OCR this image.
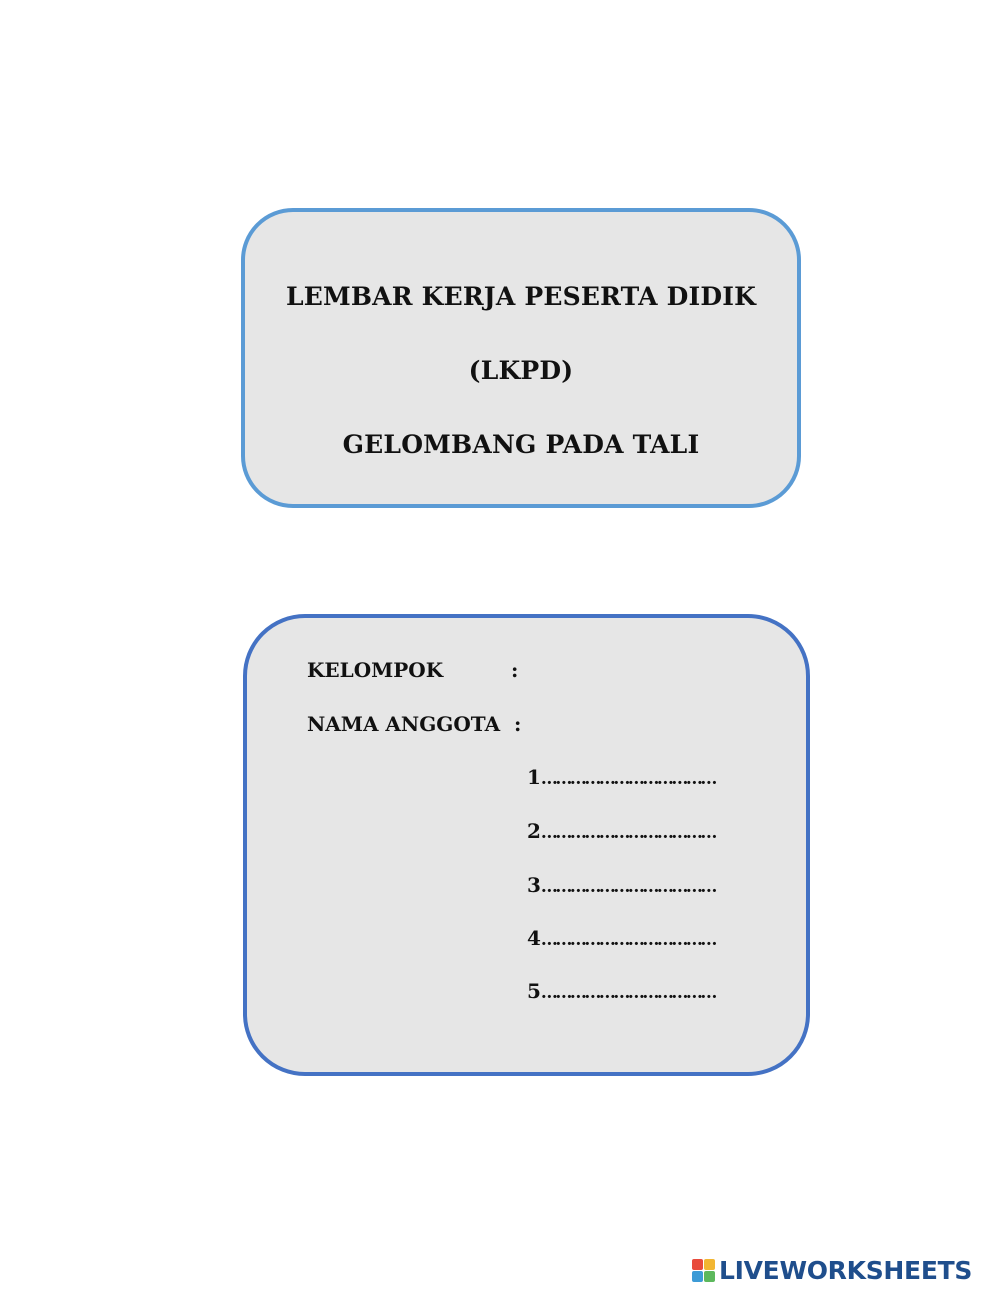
LEMBAR KERJA PESERTA DIDIK
(LKPD)
GELOMBANG PADA TALI
KELOMPOK	:
NAMA ANGGOTA :
1………………………………
2………………………………
3………………………………
4………………………………
5………………………………
LIVEWORKSHEETS
